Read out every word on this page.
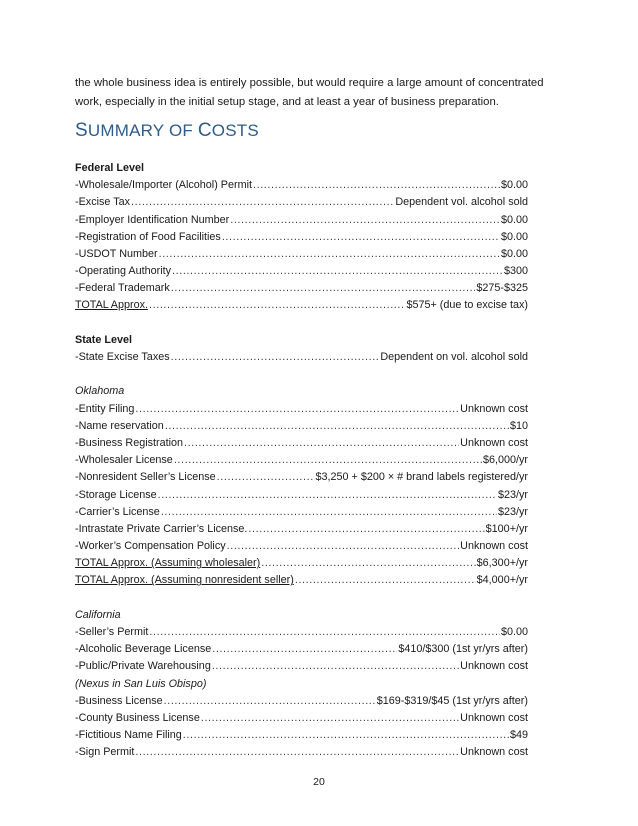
the whole business idea is entirely possible, but would require a large amount of concentrated

work, especially in the initial setup stage, and at least a year of business preparation.

SUMMARY OF COSTS
Federal Level
-Wholesale/Importer (Alcohol) Permit .....	$0.00
-Excise Tax .....	Dependent vol. alcohol sold
-Employer Identification Number .....	$0.00
-Registration of Food Facilities .....	$0.00
-USDOT Number .....	$0.00
-Operating Authority .....	$300
-Federal Trademark .....	$275-$325
TOTAL Approx. .....	$575+ (due to excise tax)
State Level
-State Excise Taxes .....	Dependent on vol. alcohol sold
Oklahoma
-Entity Filing .....	Unknown cost
-Name reservation .....	$10
-Business Registration .....	Unknown cost
-Wholesaler License .....	$6,000/yr
-Nonresident Seller’s License .....	$3,250 + $200 × # brand labels registered/yr
-Storage License .....	$23/yr
-Carrier’s License .....	$23/yr
-Intrastate Private Carrier’s License. .....	$100+/yr
-Worker’s Compensation Policy .....	Unknown cost
TOTAL Approx. (Assuming wholesaler) .....	$6,300+/yr
TOTAL Approx. (Assuming nonresident seller) .....	$4,000+/yr
California
-Seller’s Permit .....	$0.00
-Alcoholic Beverage License .....	$410/$300 (1st yr/yrs after)
-Public/Private Warehousing .....	Unknown cost
(Nexus in San Luis Obispo)
-Business License .....	$169-$319/$45 (1st yr/yrs after)
-County Business License .....	Unknown cost
-Fictitious Name Filing .....	$49
-Sign Permit .....	Unknown cost
20
